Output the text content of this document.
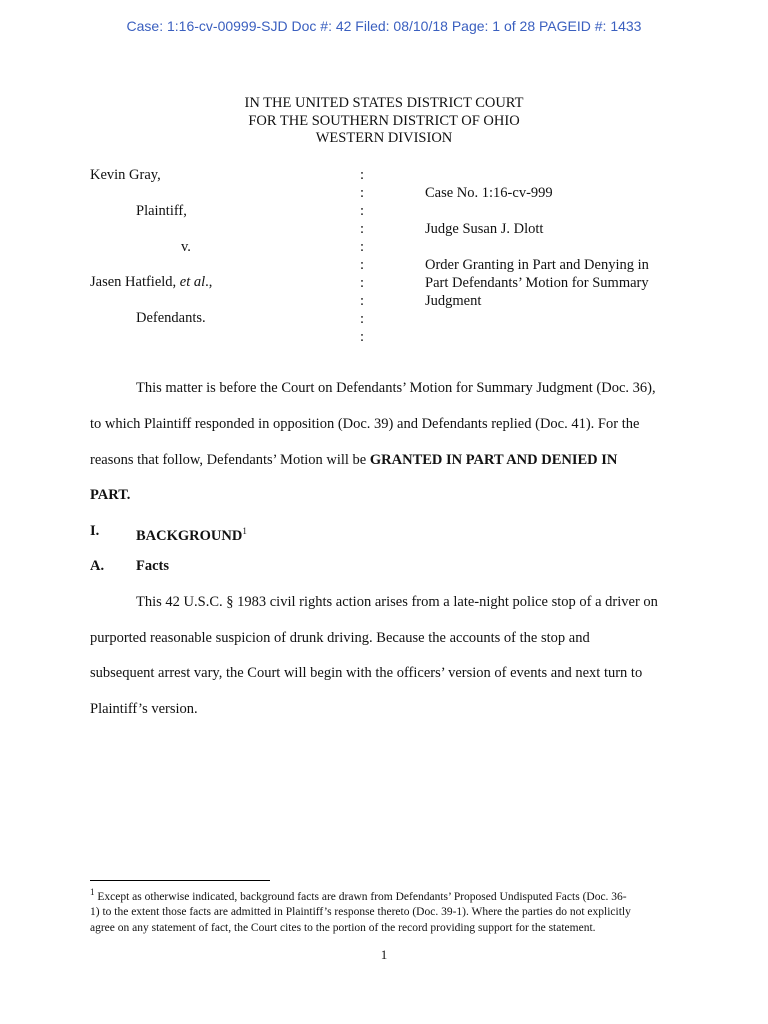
Case: 1:16-cv-00999-SJD Doc #: 42 Filed: 08/10/18 Page: 1 of 28 PAGEID #: 1433
IN THE UNITED STATES DISTRICT COURT
FOR THE SOUTHERN DISTRICT OF OHIO
WESTERN DIVISION
Kevin Gray,
Plaintiff,
v.
Jasen Hatfield, et al.,
Defendants.
:
:
:
:
:
:
:
:
:
:
Case No. 1:16-cv-999
Judge Susan J. Dlott
Order Granting in Part and Denying in
Part Defendants’ Motion for Summary
Judgment
This matter is before the Court on Defendants’ Motion for Summary Judgment (Doc. 36),
to which Plaintiff responded in opposition (Doc. 39) and Defendants replied (Doc. 41). For the
reasons that follow, Defendants’ Motion will be GRANTED IN PART AND DENIED IN
PART.
I.	BACKGROUND$^1$
A.	Facts
This 42 U.S.C. § 1983 civil rights action arises from a late-night police stop of a driver on
purported reasonable suspicion of drunk driving. Because the accounts of the stop and
subsequent arrest vary, the Court will begin with the officers’ version of events and next turn to
Plaintiff’s version.
$^1$ Except as otherwise indicated, background facts are drawn from Defendants’ Proposed Undisputed Facts (Doc. 36-
1) to the extent those facts are admitted in Plaintiff’s response thereto (Doc. 39-1). Where the parties do not explicitly
agree on any statement of fact, the Court cites to the portion of the record providing support for the statement.
1
